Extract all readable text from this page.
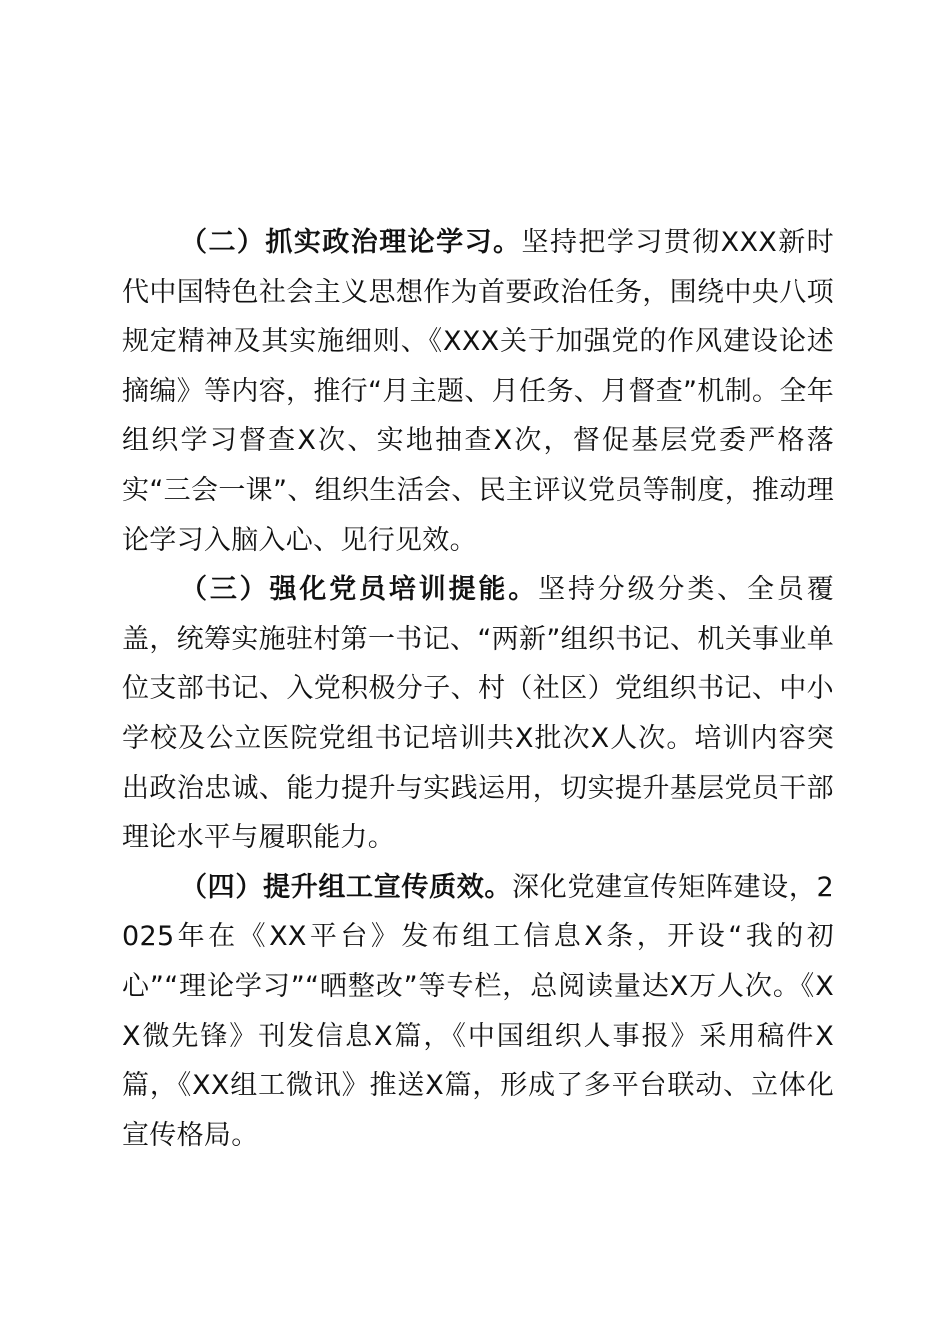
（二）抓实政治理论学习。坚持把学习贯彻XXX新时代中国特色社会主义思想作为首要政治任务，围绕中央八项规定精神及其实施细则、《XXX关于加强党的作风建设论述摘编》等内容，推行“月主题、月任务、月督查”机制。全年组织学习督查X次、实地抽查X次，督促基层党委严格落实“三会一课”、组织生活会、民主评议党员等制度，推动理论学习入脑入心、见行见效。

（三）强化党员培训提能。坚持分级分类、全员覆盖，统筹实施驻村第一书记、“两新”组织书记、机关事业单位支部书记、入党积极分子、村（社区）党组织书记、中小学校及公立医院党组书记培训共X批次X人次。培训内容突出政治忠诚、能力提升与实践运用，切实提升基层党员干部理论水平与履职能力。

（四）提升组工宣传质效。深化党建宣传矩阵建设，2025年在《XX平台》发布组工信息X条，开设“我的初心”“理论学习”“晒整改”等专栏，总阅读量达X万人次。《XX微先锋》刊发信息X篇，《中国组织人事报》采用稿件X篇，《XX组工微讯》推送X篇，形成了多平台联动、立体化宣传格局。
